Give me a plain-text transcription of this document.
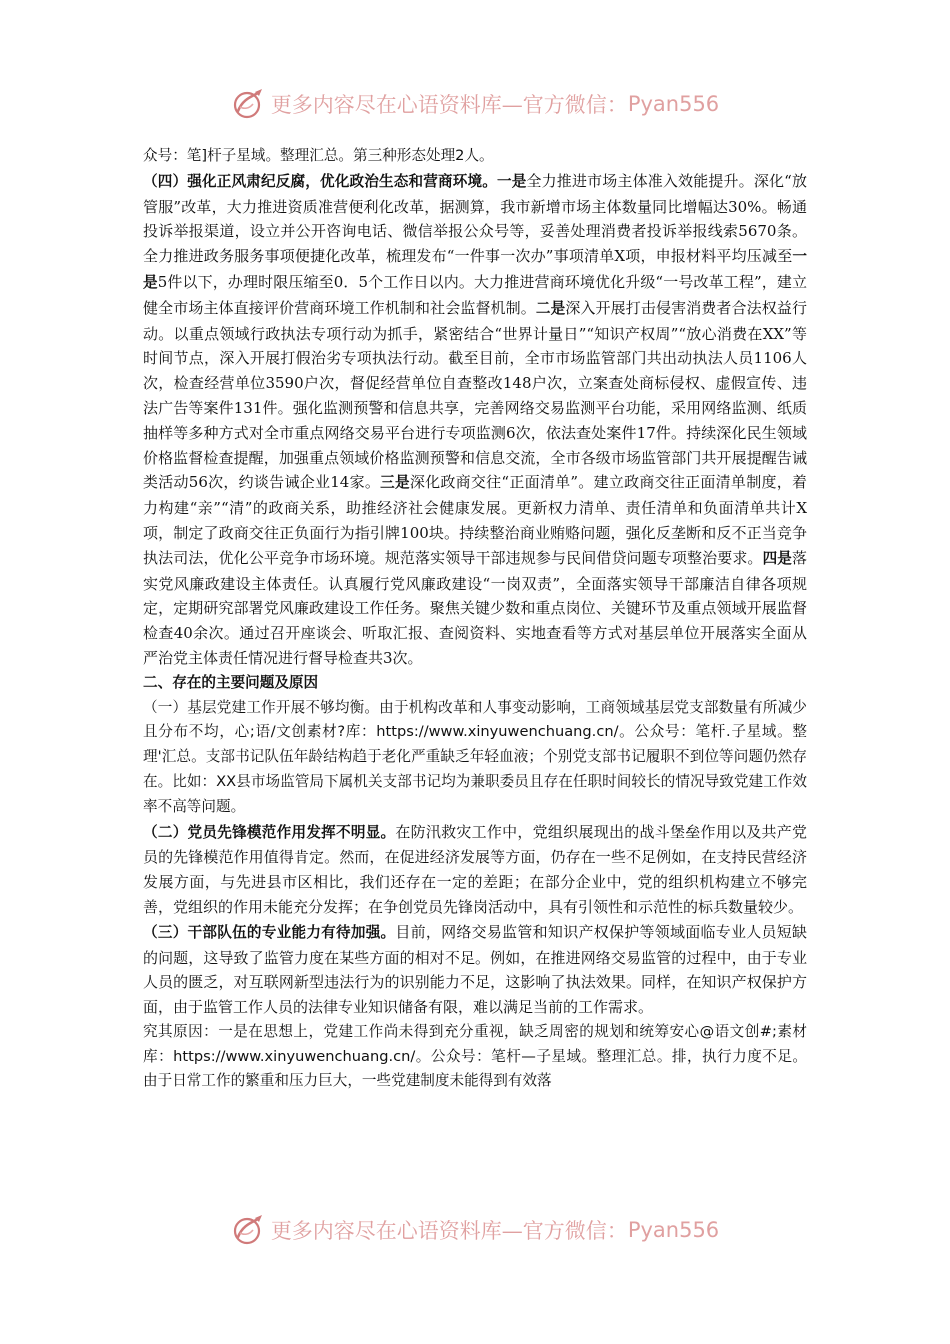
更多内容尽在心语资料库—官方微信： Pyan556

众号：笔]杆子星域。整理汇总。第三种形态处理2人。

（四）强化正风肃纪反腐，优化政治生态和营商环境。一是全力推进市场主体准入效能提升。深化“放管服”改革，大力推进资质准营便利化改革，据测算，我市新增市场主体数量同比增幅达30%。畅通投诉举报渠道，设立并公开咨询电话、微信举报公众号等，妥善处理消费者投诉举报线索5670条。全力推进政务服务事项便捷化改革，梳理发布“一件事一次办”事项清单X项，申报材料平均压减至一是5件以下，办理时限压缩至0．5个工作日以内。大力推进营商环境优化升级“一号改革工程”，建立健全市场主体直接评价营商环境工作机制和社会监督机制。二是深入开展打击侵害消费者合法权益行动。以重点领域行政执法专项行动为抓手，紧密结合“世界计量日”“知识产权周”“放心消费在XX”等时间节点，深入开展打假治劣专项执法行动。截至目前，全市市场监管部门共出动执法人员1106人次，检查经营单位3590户次，督促经营单位自查整改148户次，立案查处商标侵权、虚假宣传、违法广告等案件131件。强化监测预警和信息共享，完善网络交易监测平台功能，采用网络监测、纸质抽样等多种方式对全市重点网络交易平台进行专项监测6次，依法查处案件17件。持续深化民生领域价格监督检查提醒，加强重点领域价格监测预警和信息交流，全市各级市场监管部门共开展提醒告诫类活动56次，约谈告诫企业14家。三是深化政商交往“正面清单”。建立政商交往正面清单制度，着力构建“亲”“清”的政商关系，助推经济社会健康发展。更新权力清单、责任清单和负面清单共计X项，制定了政商交往正负面行为指引牌100块。持续整治商业贿赂问题，强化反垄断和反不正当竞争执法司法，优化公平竞争市场环境。规范落实领导干部违规参与民间借贷问题专项整治要求。四是落实党风廉政建设主体责任。认真履行党风廉政建设“一岗双责”，全面落实领导干部廉洁自律各项规定，定期研究部署党风廉政建设工作任务。聚焦关键少数和重点岗位、关键环节及重点领域开展监督检查40余次。通过召开座谈会、听取汇报、查阅资料、实地查看等方式对基层单位开展落实全面从严治党主体责任情况进行督导检查共3次。

二、存在的主要问题及原因

（一）基层党建工作开展不够均衡。由于机构改革和人事变动影响，工商领域基层党支部数量有所减少且分布不均，心;语/文创素材?库：https://www.xinyuwenchuang.cn/。公众号：笔杆.子星域。整理'汇总。支部书记队伍年龄结构趋于老化严重缺乏年轻血液；个别党支部书记履职不到位等问题仍然存在。比如：XX县市场监管局下属机关支部书记均为兼职委员且存在任职时间较长的情况导致党建工作效率不高等问题。

（二）党员先锋模范作用发挥不明显。在防汛救灾工作中，党组织展现出的战斗堡垒作用以及共产党员的先锋模范作用值得肯定。然而，在促进经济发展等方面，仍存在一些不足例如，在支持民营经济发展方面，与先进县市区相比，我们还存在一定的差距；在部分企业中，党的组织机构建立不够完善，党组织的作用未能充分发挥；在争创党员先锋岗活动中，具有引领性和示范性的标兵数量较少。

（三）干部队伍的专业能力有待加强。目前，网络交易监管和知识产权保护等领域面临专业人员短缺的问题，这导致了监管力度在某些方面的相对不足。例如，在推进网络交易监管的过程中，由于专业人员的匮乏，对互联网新型违法行为的识别能力不足，这影响了执法效果。同样，在知识产权保护方面，由于监管工作人员的法律专业知识储备有限，难以满足当前的工作需求。

究其原因：一是在思想上，党建工作尚未得到充分重视，缺乏周密的规划和统筹安心@语文创#;素材库：https://www.xinyuwenchuang.cn/。公众号：笔杆—子星域。整理汇总。排，执行力度不足。由于日常工作的繁重和压力巨大，一些党建制度未能得到有效落

更多内容尽在心语资料库—官方微信： Pyan556
